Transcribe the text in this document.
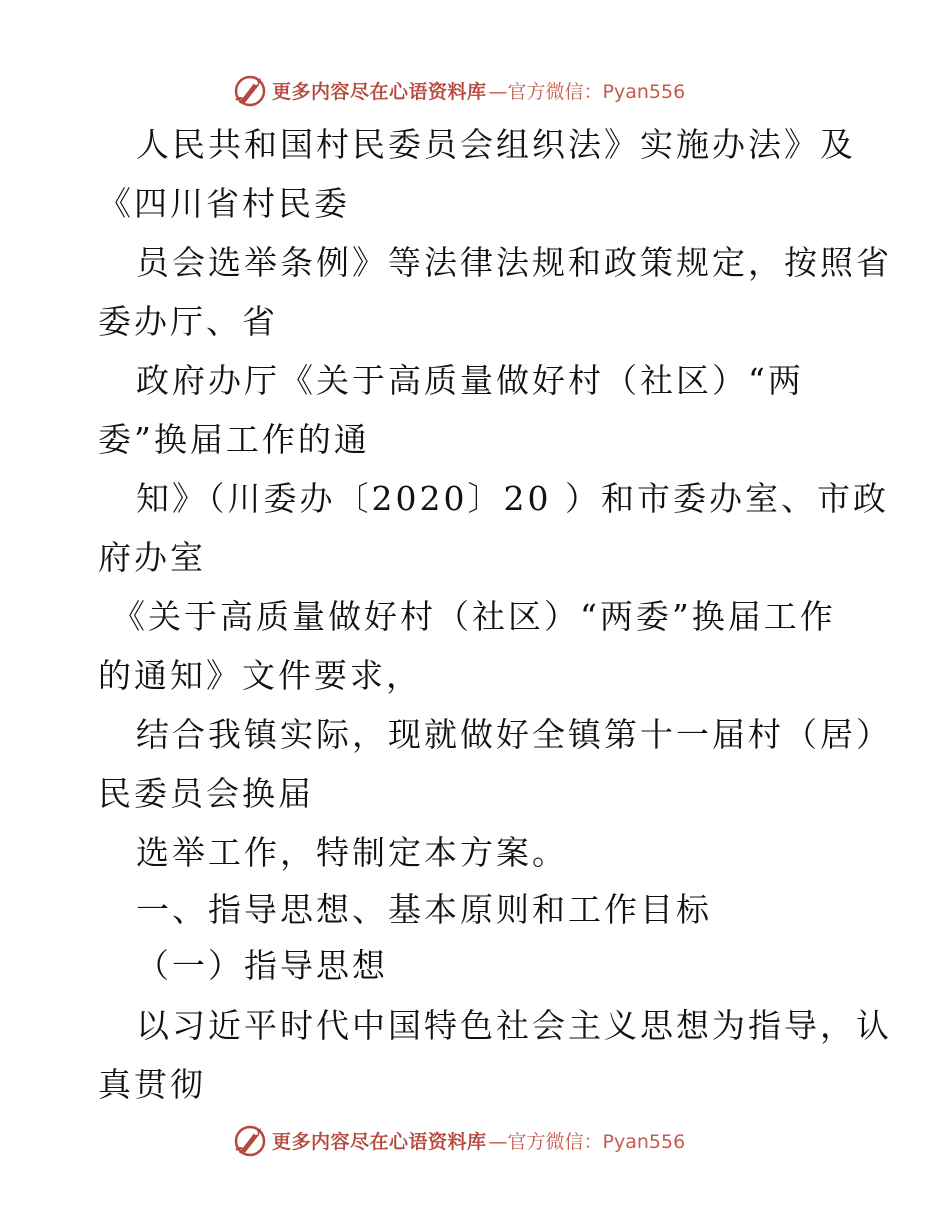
更多内容尽在心语资料库 —官方微信：Pyan556
人民共和国村民委员会组织法》实施办法》及
《四川省村民委
员会选举条例》等法律法规和政策规定，按照省
委办厅、省
政府办厅《关于高质量做好村（社区）“两
委”换届工作的通
知》（川委办〔2020〕20 ）和市委办室、市政
府办室
《关于高质量做好村（社区）“两委”换届工作
的通知》文件要求，
结合我镇实际，现就做好全镇第十一届村（居）
民委员会换届
选举工作，特制定本方案。
一、指导思想、基本原则和工作目标
（一）指导思想
以习近平时代中国特色社会主义思想为指导，认
真贯彻
更多内容尽在心语资料库 —官方微信：Pyan556
